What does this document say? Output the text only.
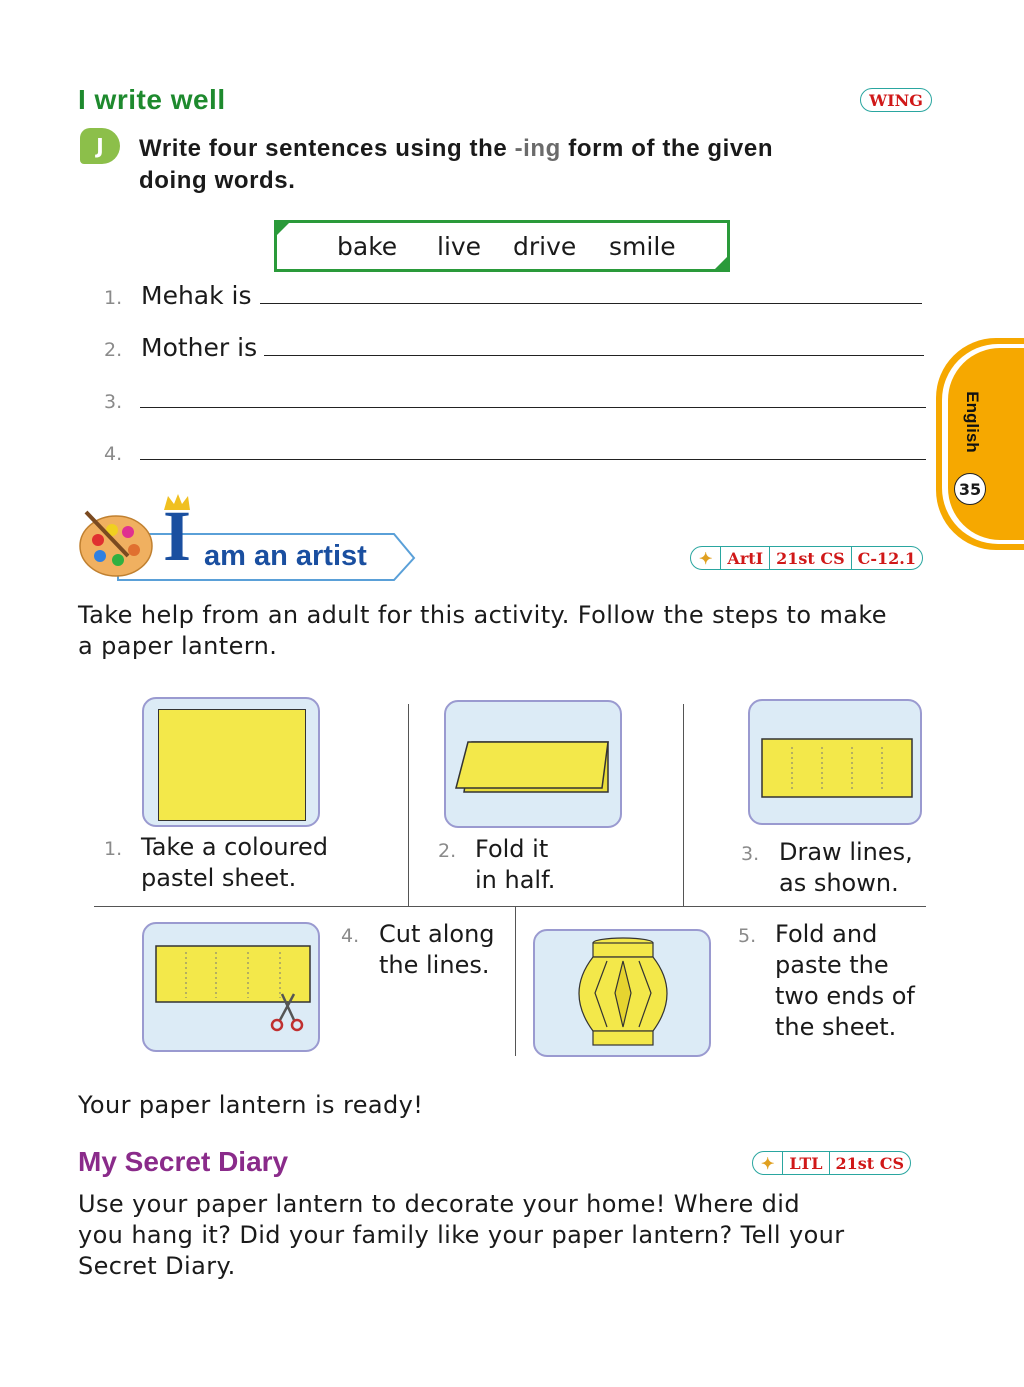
I write well	WING
J Write four sentences using the -ing form of the given
doing words.
bake live drive smile
1. Mehak is
2. Mother is
3.
4.
English
35
I am an artist	✦ ArtI 21st CS C-12.1
Take help from an adult for this activity. Follow the steps to make
a paper lantern.
1. Take a coloured
pastel sheet.
2. Fold it
in half.
3. Draw lines,
as shown.
4. Cut along
the lines.
5. Fold and
paste the
two ends of
the sheet.
Your paper lantern is ready!
My Secret Diary	✦ LTL 21st CS
Use your paper lantern to decorate your home! Where did
you hang it? Did your family like your paper lantern? Tell your
Secret Diary.
